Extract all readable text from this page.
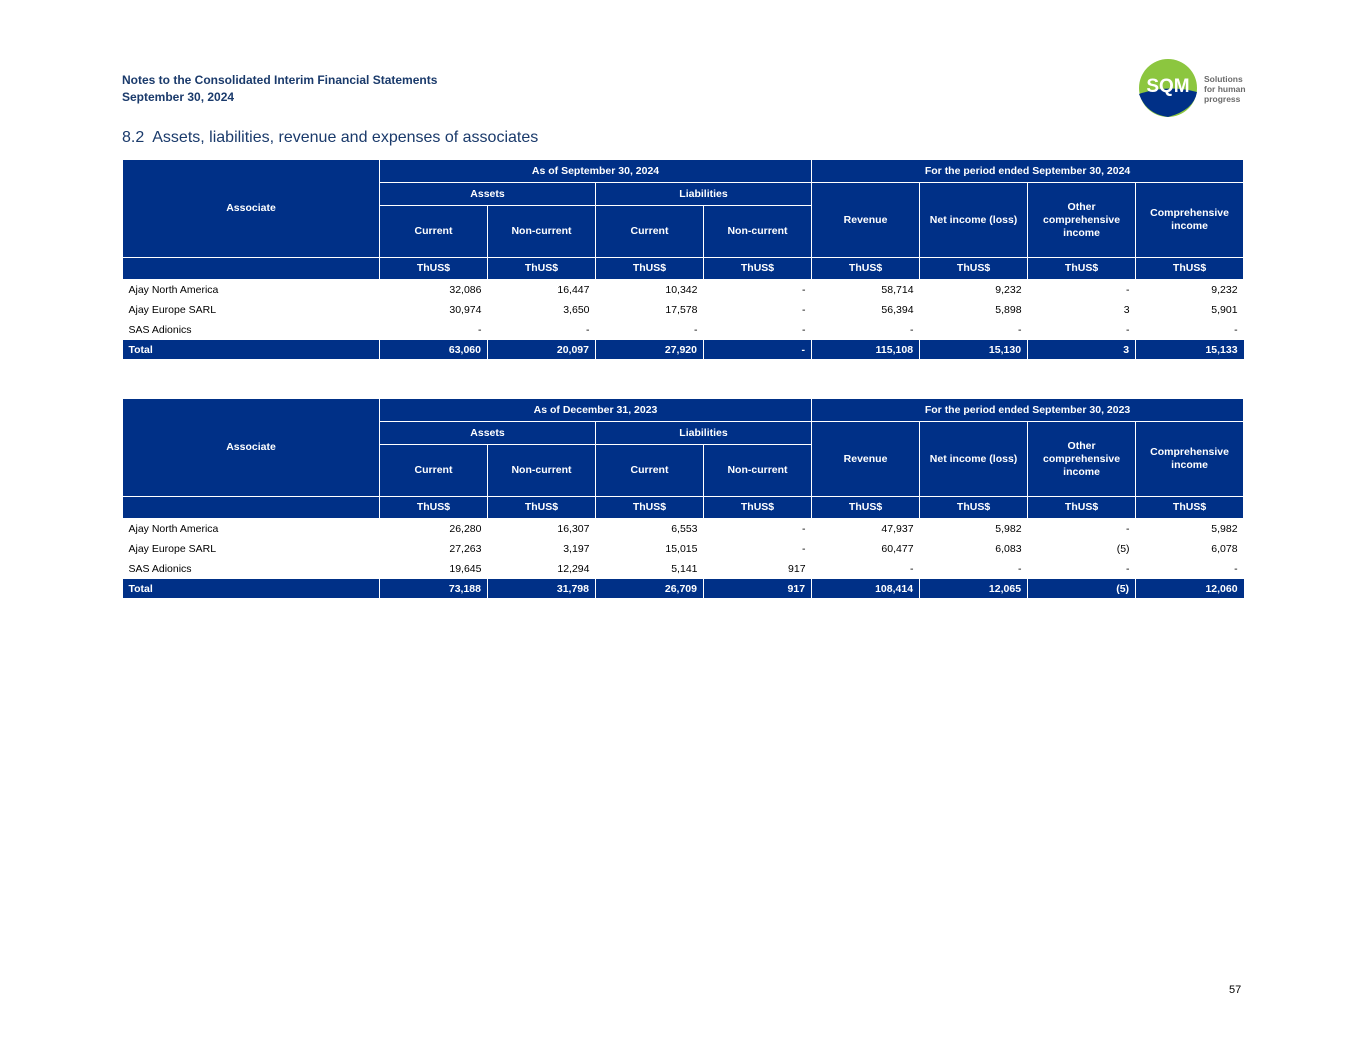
Notes to the Consolidated Interim Financial Statements
September 30, 2024	SQM Solutions
for human
progress
8.2 Assets, liabilities, revenue and expenses of associates
Associate	As of September 30, 2024				For the period ended September 30, 2024			
	Assets		Liabilities		Revenue	Net income (loss)	Other comprehensive income	Comprehensive income
	Current	Non-current	Current	Non-current				
	ThUS$	ThUS$	ThUS$	ThUS$	ThUS$	ThUS$	ThUS$	ThUS$
Ajay North America	32,086	16,447	10,342	-	58,714	9,232	-	9,232
Ajay Europe SARL	30,974	3,650	17,578	-	56,394	5,898	3	5,901
SAS Adionics	-	-	-	-	-	-	-	-
Total	63,060	20,097	27,920	-	115,108	15,130	3	15,133
Associate	As of December 31, 2023				For the period ended September 30, 2023			
	Assets		Liabilities		Revenue	Net income (loss)	Other comprehensive income	Comprehensive income
	Current	Non-current	Current	Non-current				
	ThUS$	ThUS$	ThUS$	ThUS$	ThUS$	ThUS$	ThUS$	ThUS$
Ajay North America	26,280	16,307	6,553	-	47,937	5,982	-	5,982
Ajay Europe SARL	27,263	3,197	15,015	-	60,477	6,083	(5)	6,078
SAS Adionics	19,645	12,294	5,141	917	-	-	-	-
Total	73,188	31,798	26,709	917	108,414	12,065	(5)	12,060
57
